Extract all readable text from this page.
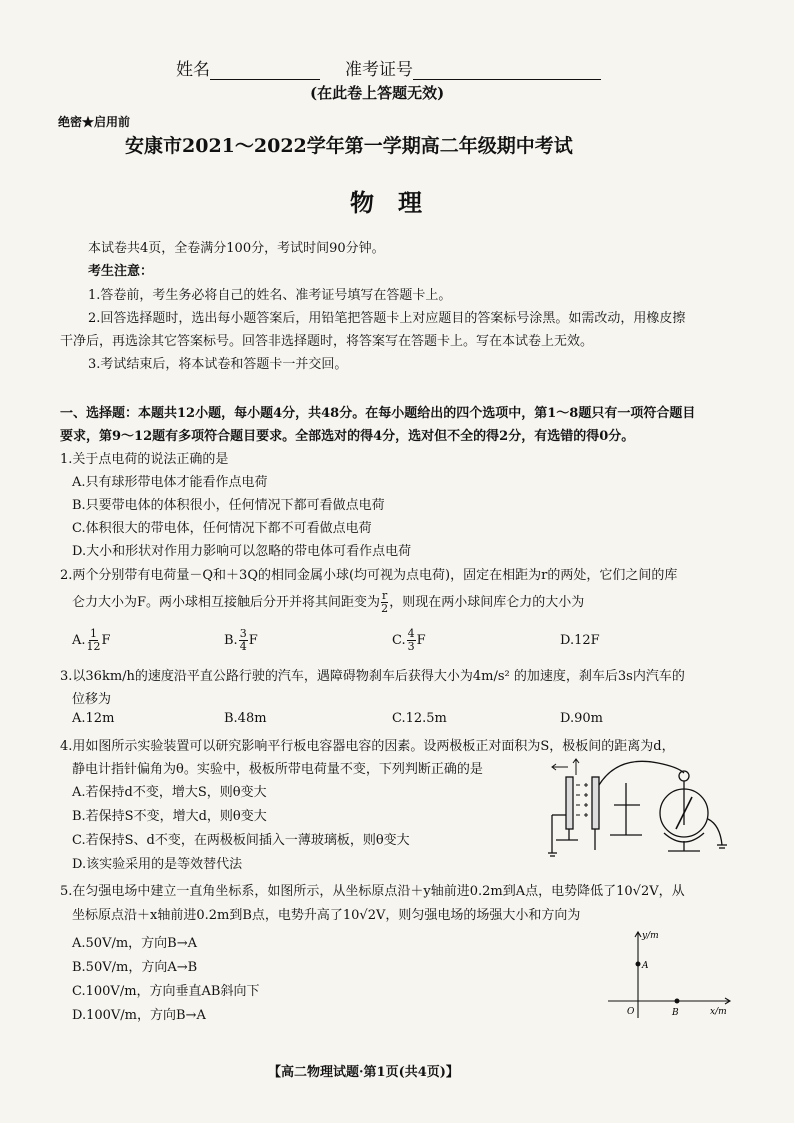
姓名	准考证号
(在此卷上答题无效)
绝密★启用前
安康市2021～2022学年第一学期高二年级期中考试
物　理
本试卷共4页，全卷满分100分，考试时间90分钟。
考生注意：
1.答卷前，考生务必将自己的姓名、准考证号填写在答题卡上。
2.回答选择题时，选出每小题答案后，用铅笔把答题卡上对应题目的答案标号涂黑。如需改动，用橡皮擦
干净后，再选涂其它答案标号。回答非选择题时，将答案写在答题卡上。写在本试卷上无效。
3.考试结束后，将本试卷和答题卡一并交回。
一、选择题：本题共12小题，每小题4分，共48分。在每小题给出的四个选项中，第1～8题只有一项符合题目
要求，第9～12题有多项符合题目要求。全部选对的得4分，选对但不全的得2分，有选错的得0分。
1.关于点电荷的说法正确的是
A.只有球形带电体才能看作点电荷
B.只要带电体的体积很小，任何情况下都可看做点电荷
C.体积很大的带电体，任何情况下都不可看做点电荷
D.大小和形状对作用力影响可以忽略的带电体可看作点电荷
2.两个分别带有电荷量－Q和＋3Q的相同金属小球(均可视为点电荷)，固定在相距为r的两处，它们之间的库
仑力大小为F。两小球相互接触后分开并将其间距变为 $\frac{r}{2}$ ，则现在两小球间库仑力的大小为
A. $\frac{1}{12}$ F	B. $\frac{3}{4}$ F	C. $\frac{4}{3}$ F	D.12F
3.以36km/h的速度沿平直公路行驶的汽车，遇障碍物刹车后获得大小为4m/s² 的加速度，刹车后3s内汽车的
位移为
A.12m	B.48m	C.12.5m	D.90m
4.用如图所示实验装置可以研究影响平行板电容器电容的因素。设两极板正对面积为S，极板间的距离为d，
静电计指针偏角为θ。实验中，极板所带电荷量不变，下列判断正确的是
A.若保持d不变，增大S，则θ变大
B.若保持S不变，增大d，则θ变大
C.若保持S、d不变，在两极板间插入一薄玻璃板，则θ变大
D.该实验采用的是等效替代法
5.在匀强电场中建立一直角坐标系，如图所示，从坐标原点沿＋y轴前进0.2m到A点，电势降低了10√2V，从
坐标原点沿＋x轴前进0.2m到B点，电势升高了10√2V，则匀强电场的场强大小和方向为
A.50V/m，方向B→A
B.50V/m，方向A→B
C.100V/m，方向垂直AB斜向下
D.100V/m，方向B→A
y/m
x/m
O
A
B
【高二物理试题·第1页(共4页)】
